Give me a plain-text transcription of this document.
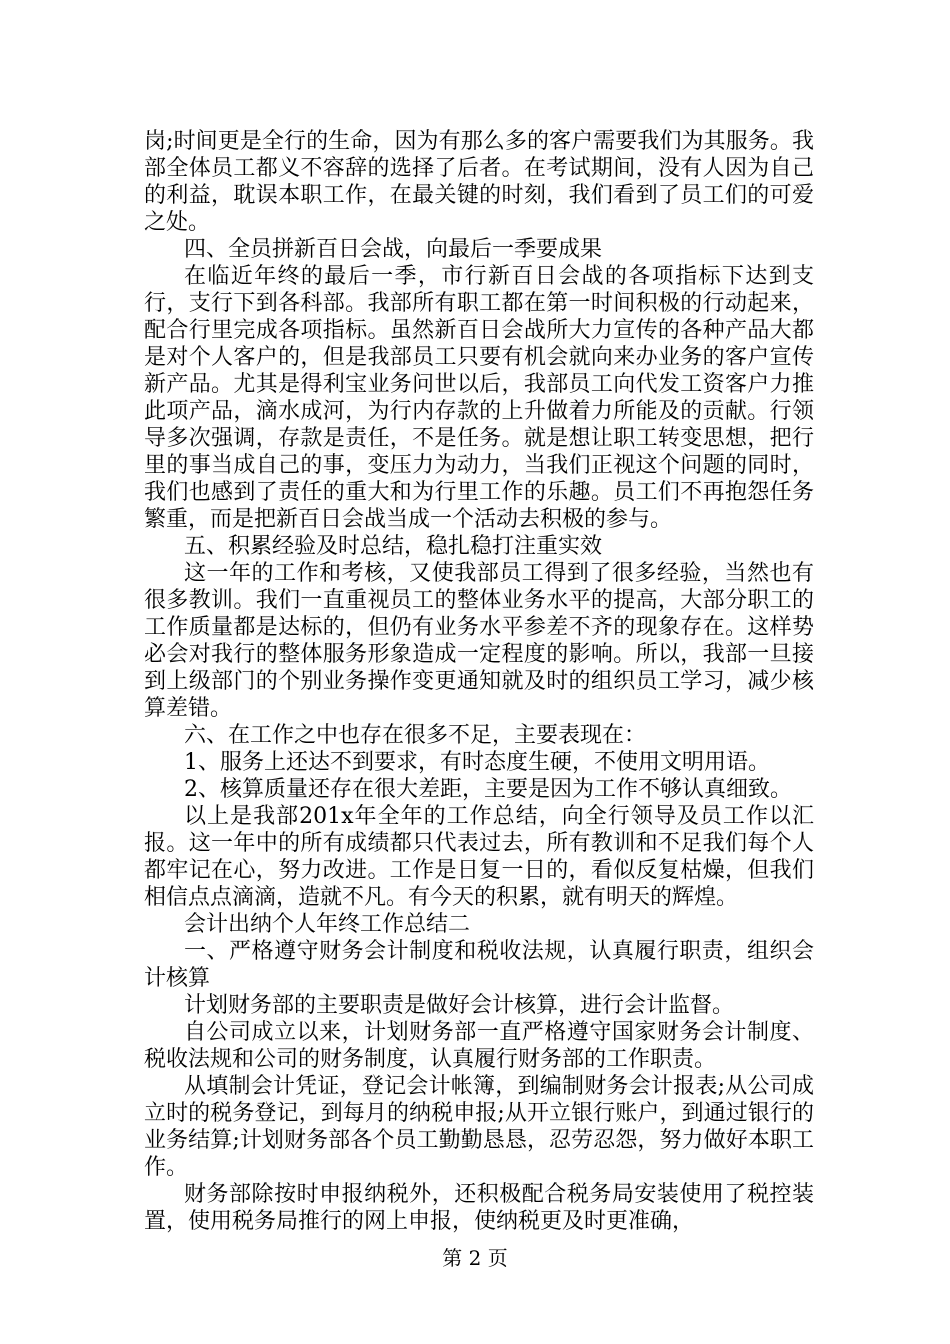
岗;时间更是全行的生命，因为有那么多的客户需要我们为其服务。我部全体员工都义不容辞的选择了后者。在考试期间，没有人因为自己的利益，耽误本职工作，在最关键的时刻，我们看到了员工们的可爱之处。

四、全员拼新百日会战，向最后一季要成果

在临近年终的最后一季，市行新百日会战的各项指标下达到支行，支行下到各科部。我部所有职工都在第一时间积极的行动起来，配合行里完成各项指标。虽然新百日会战所大力宣传的各种产品大都是对个人客户的，但是我部员工只要有机会就向来办业务的客户宣传新产品。尤其是得利宝业务问世以后，我部员工向代发工资客户力推此项产品，滴水成河，为行内存款的上升做着力所能及的贡献。行领导多次强调，存款是责任，不是任务。就是想让职工转变思想，把行里的事当成自己的事，变压力为动力，当我们正视这个问题的同时，我们也感到了责任的重大和为行里工作的乐趣。员工们不再抱怨任务繁重，而是把新百日会战当成一个活动去积极的参与。

五、积累经验及时总结，稳扎稳打注重实效

这一年的工作和考核，又使我部员工得到了很多经验，当然也有很多教训。我们一直重视员工的整体业务水平的提高，大部分职工的工作质量都是达标的，但仍有业务水平参差不齐的现象存在。这样势必会对我行的整体服务形象造成一定程度的影响。所以，我部一旦接到上级部门的个别业务操作变更通知就及时的组织员工学习，减少核算差错。

六、在工作之中也存在很多不足，主要表现在：

1、服务上还达不到要求，有时态度生硬，不使用文明用语。

2、核算质量还存在很大差距，主要是因为工作不够认真细致。

以上是我部201x年全年的工作总结，向全行领导及员工作以汇报。这一年中的所有成绩都只代表过去，所有教训和不足我们每个人都牢记在心，努力改进。工作是日复一日的，看似反复枯燥，但我们相信点点滴滴，造就不凡。有今天的积累，就有明天的辉煌。

会计出纳个人年终工作总结二

一、严格遵守财务会计制度和税收法规，认真履行职责，组织会计核算

计划财务部的主要职责是做好会计核算，进行会计监督。

自公司成立以来，计划财务部一直严格遵守国家财务会计制度、税收法规和公司的财务制度，认真履行财务部的工作职责。

从填制会计凭证，登记会计帐簿，到编制财务会计报表;从公司成立时的税务登记，到每月的纳税申报;从开立银行账户，到通过银行的业务结算;计划财务部各个员工勤勤恳恳，忍劳忍怨，努力做好本职工作。

财务部除按时申报纳税外，还积极配合税务局安装使用了税控装置，使用税务局推行的网上申报，使纳税更及时更准确，

第 2 页
